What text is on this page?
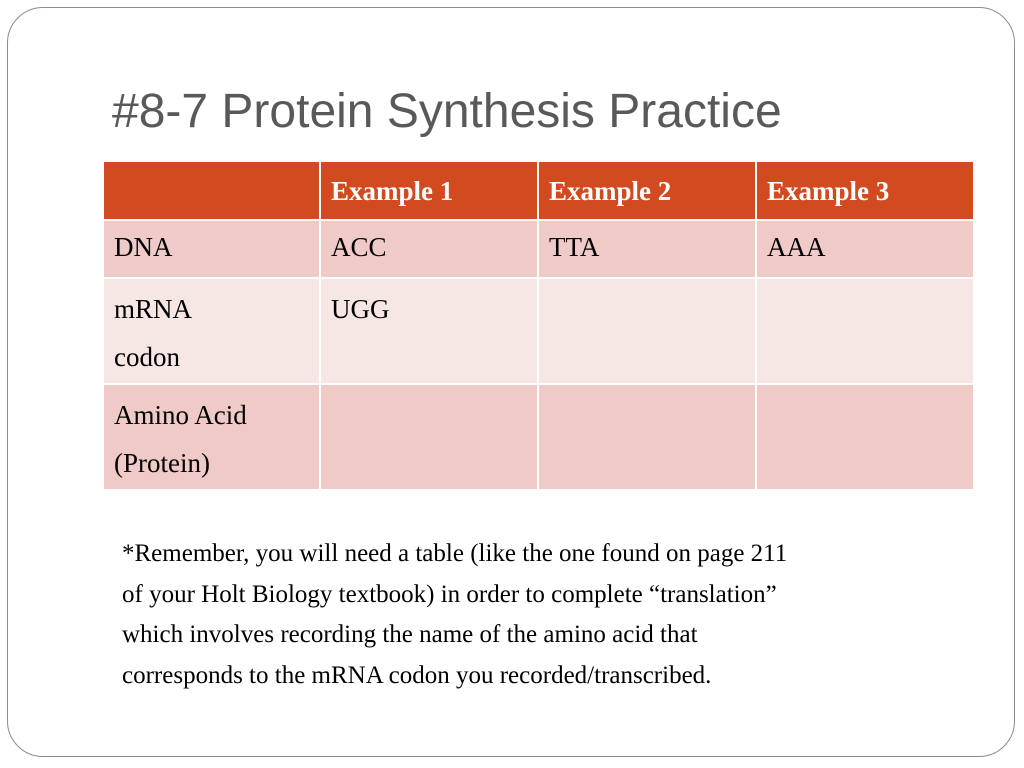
#8-7 Protein Synthesis Practice
	Example 1	Example 2	Example 3
DNA	ACC	TTA	AAA
mRNA
codon	UGG		
Amino Acid
(Protein)			

*Remember, you will need a table (like the one found on page 211
of your Holt Biology textbook) in order to complete “translation”
which involves recording the name of the amino acid that
corresponds to the mRNA codon you recorded/transcribed.
